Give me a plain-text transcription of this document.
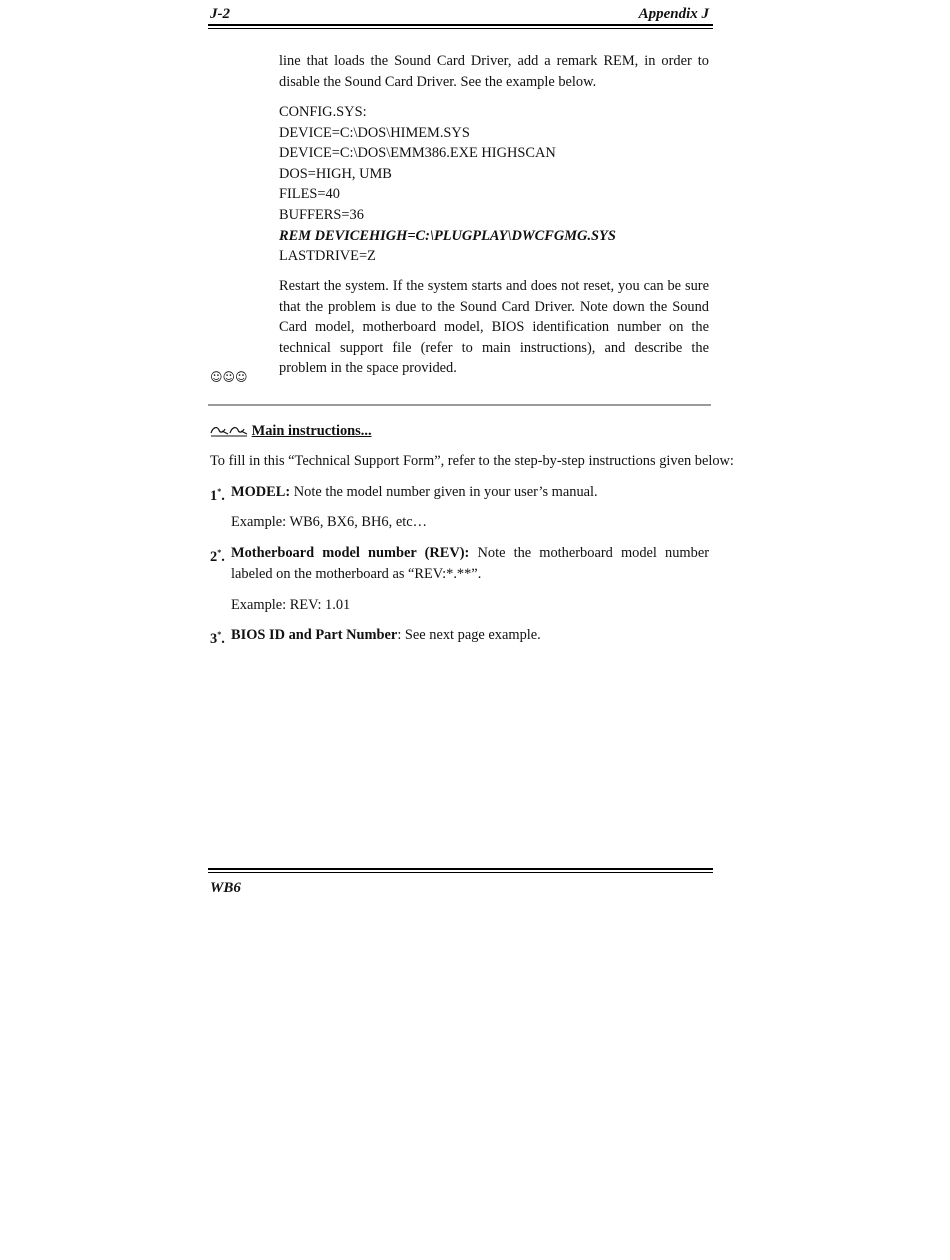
J-2	Appendix J
line that loads the Sound Card Driver, add a remark REM, in order to disable the Sound Card Driver. See the example below.
CONFIG.SYS:
DEVICE=C:\DOS\HIMEM.SYS
DEVICE=C:\DOS\EMM386.EXE HIGHSCAN
DOS=HIGH, UMB
FILES=40
BUFFERS=36
REM DEVICEHIGH=C:\PLUGPLAY\DWCFGMG.SYS
LASTDRIVE=Z
Restart the system. If the system starts and does not reset, you can be sure that the problem is due to the Sound Card Driver. Note down the Sound Card model, motherboard model, BIOS identification number on the technical support file (refer to main instructions), and describe the problem in the space provided.
☺☺☺
Main instructions...
To fill in this “Technical Support Form”, refer to the step-by-step instructions given below:
1*. MODEL: Note the model number given in your user’s manual.
Example: WB6, BX6, BH6, etc…
2*. Motherboard model number (REV): Note the motherboard model number labeled on the motherboard as “REV:*.**”.
Example: REV: 1.01
3*. BIOS ID and Part Number: See next page example.
WB6
